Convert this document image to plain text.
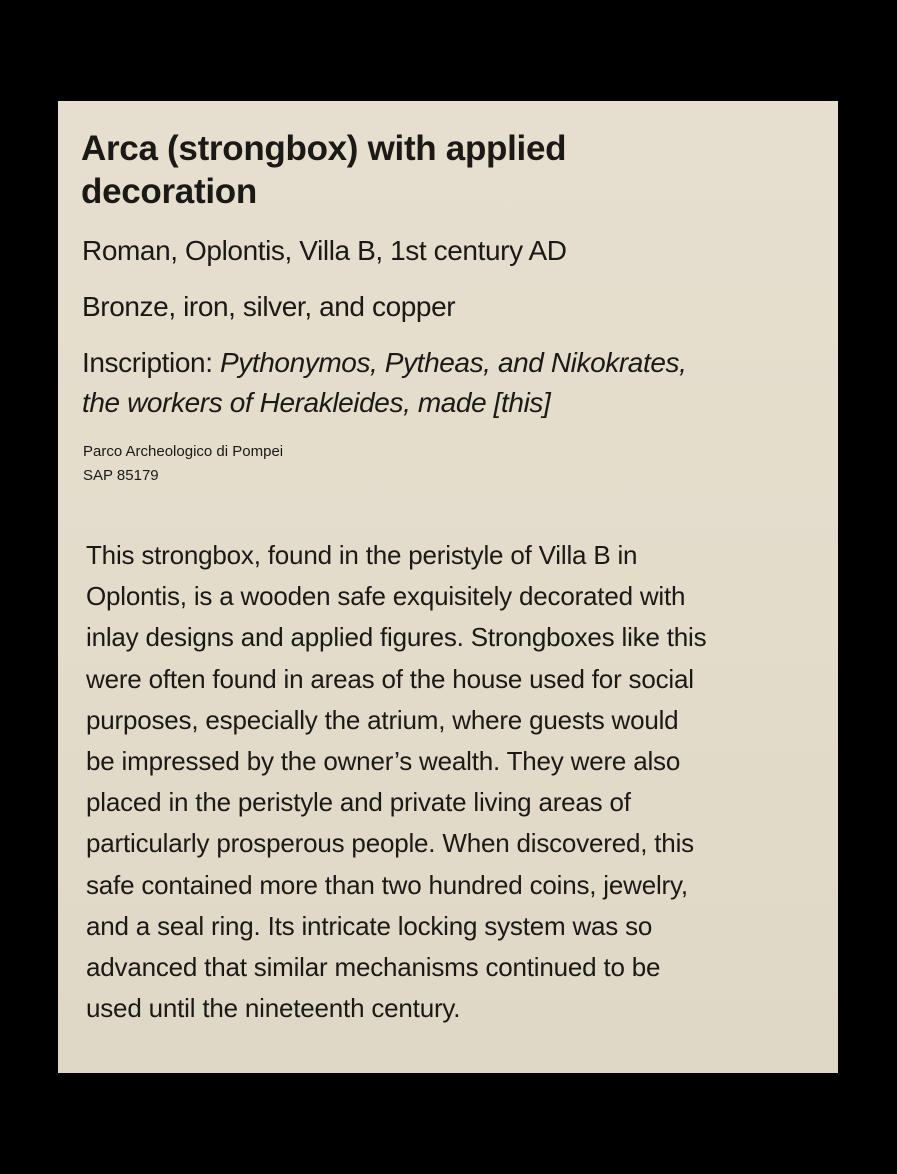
Arca (strongbox) with applied decoration

Roman, Oplontis, Villa B, 1st century AD

Bronze, iron, silver, and copper

Inscription: Pythonymos, Pytheas, and Nikokrates,
the workers of Herakleides, made [this]

Parco Archeologico di Pompei

SAP 85179

This strongbox, found in the peristyle of Villa B in
Oplontis, is a wooden safe exquisitely decorated with
inlay designs and applied figures. Strongboxes like this
were often found in areas of the house used for social
purposes, especially the atrium, where guests would
be impressed by the owner’s wealth. They were also
placed in the peristyle and private living areas of
particularly prosperous people. When discovered, this
safe contained more than two hundred coins, jewelry,
and a seal ring. Its intricate locking system was so
advanced that similar mechanisms continued to be
used until the nineteenth century.
